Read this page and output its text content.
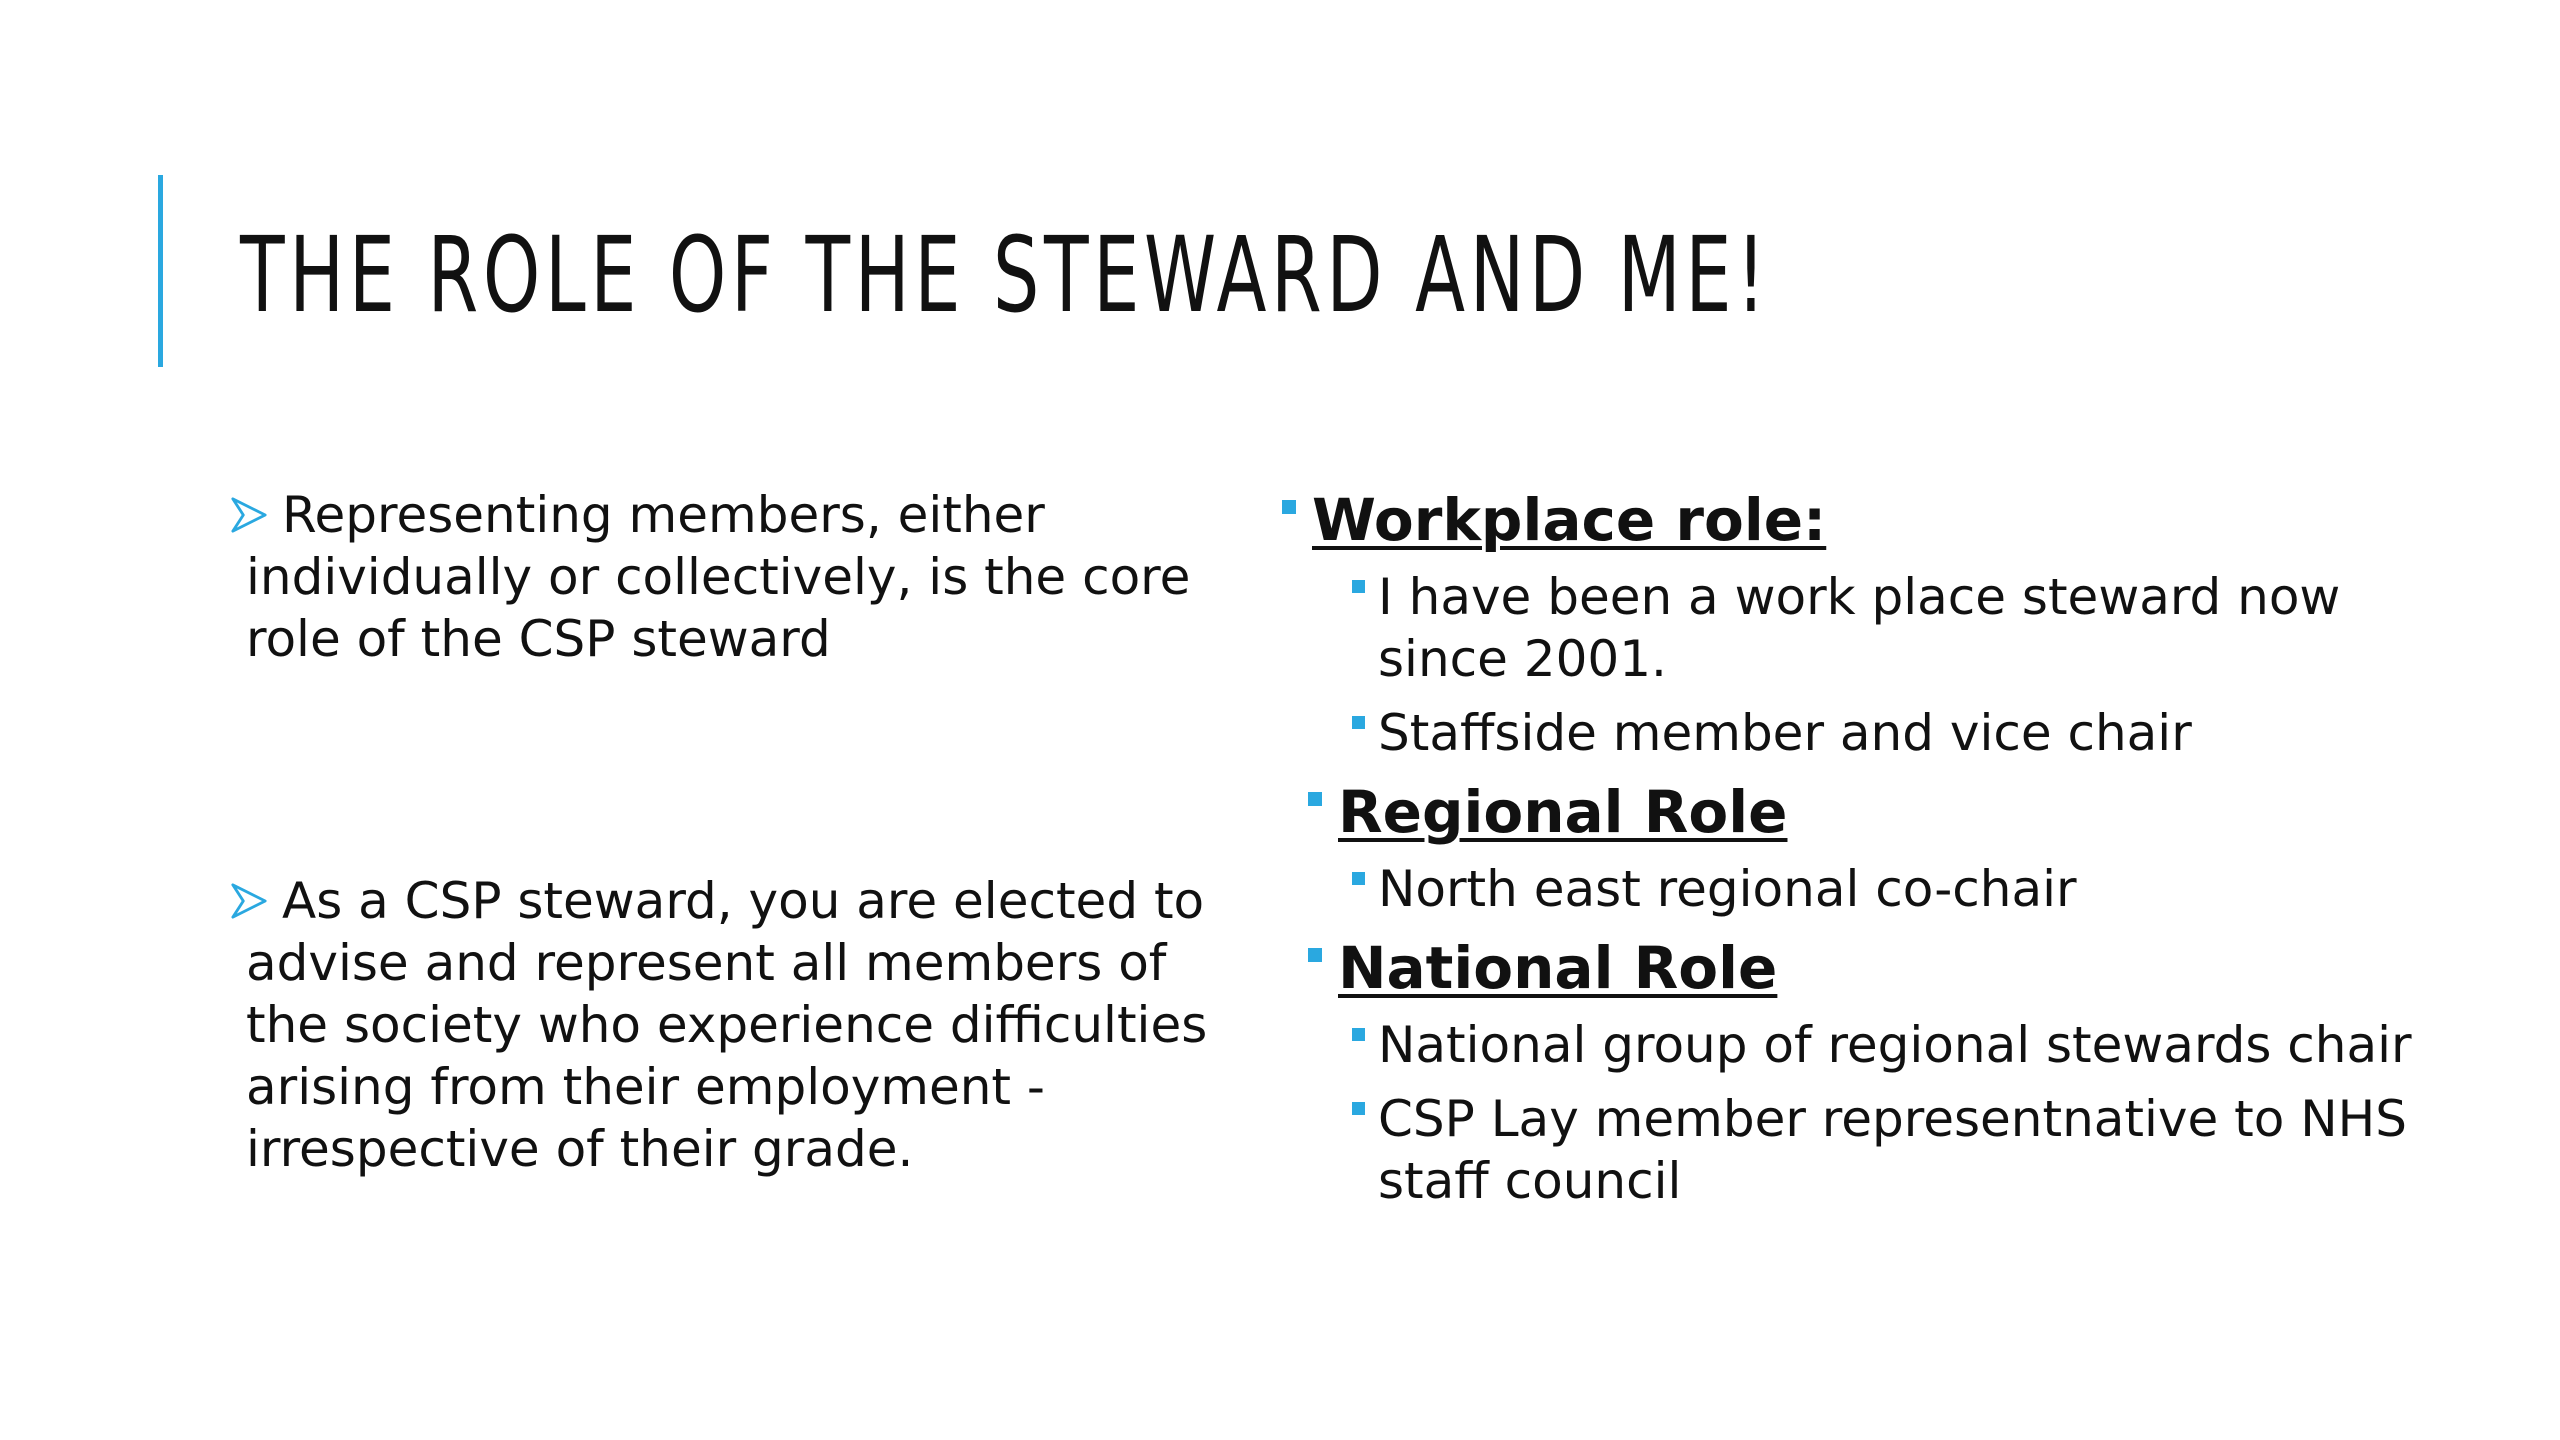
THE ROLE OF THE STEWARD AND ME!

Representing members, either individually or collectively, is the core role of the CSP steward

As a CSP steward, you are elected to advise and represent all members of the society who experience difficulties arising from their employment - irrespective of their grade.

Workplace role:

I have been a work place steward now since 2001.
Staffside member and vice chair

Regional Role

North east regional co-chair

National Role

National group of regional stewards chair
CSP Lay member representnative to NHS staff council
